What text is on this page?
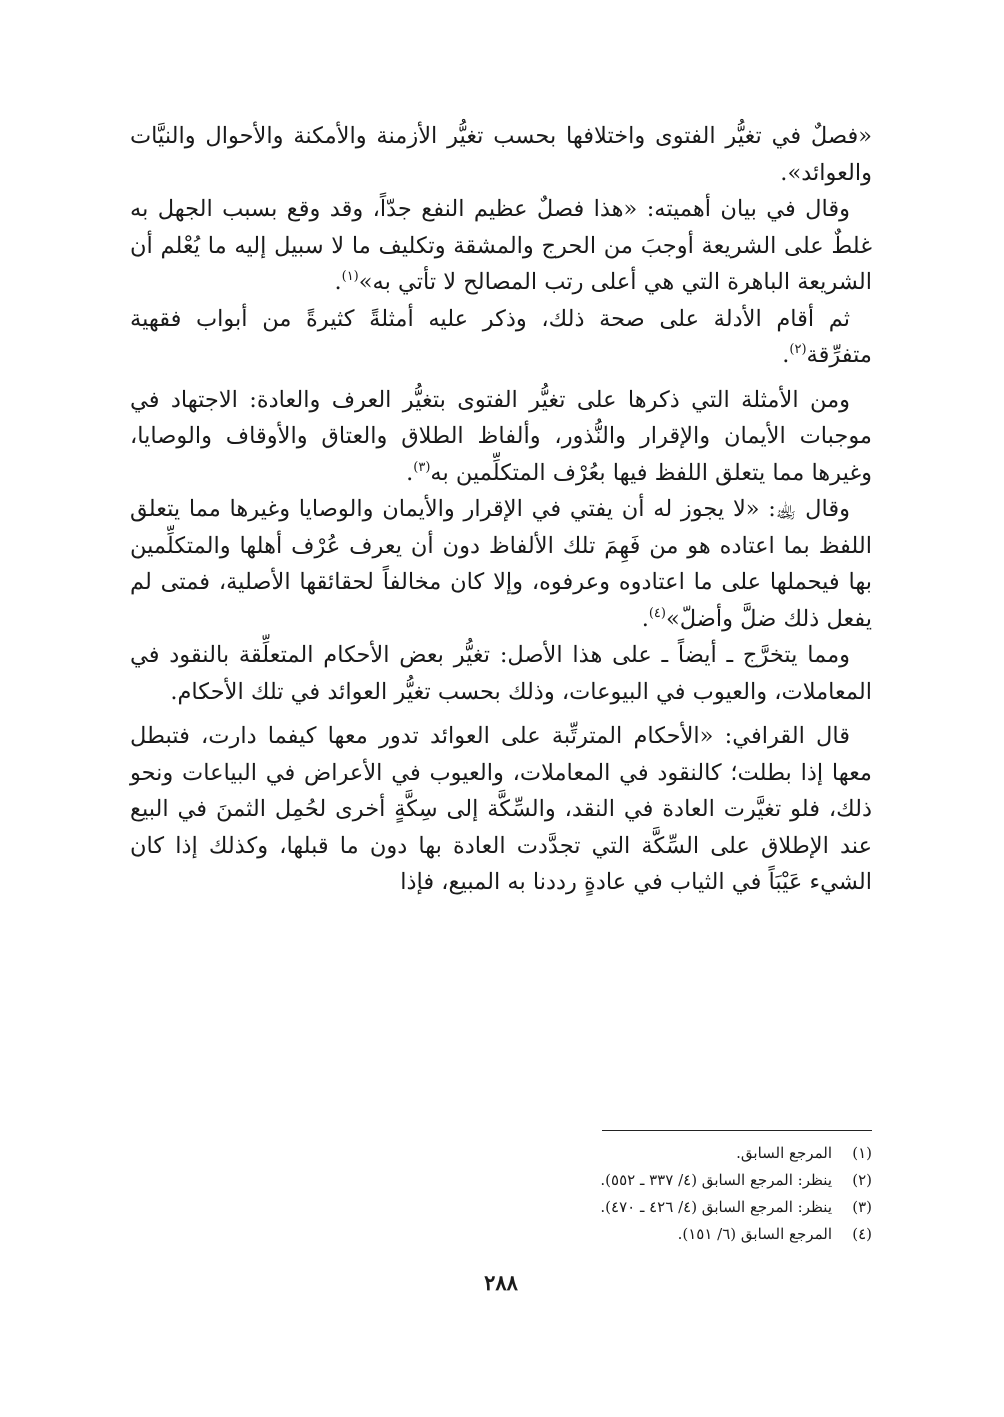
«فصلٌ في تغيُّر الفتوى واختلافها بحسب تغيُّر الأزمنة والأمكنة والأحوال والنيَّات والعوائد».

وقال في بيان أهميته: «هذا فصلٌ عظيم النفع جدّاً، وقد وقع بسبب الجهل به غلطٌ على الشريعة أوجبَ من الحرج والمشقة وتكليف ما لا سبيل إليه ما يُعْلم أن الشريعة الباهرة التي هي أعلى رتب المصالح لا تأتي به»$^{(١)}$.

ثم أقام الأدلة على صحة ذلك، وذكر عليه أمثلةً كثيرةً من أبواب فقهية متفرِّقة$^{(٢)}$.

ومن الأمثلة التي ذكرها على تغيُّر الفتوى بتغيُّر العرف والعادة: الاجتهاد في موجبات الأيمان والإقرار والنُّذور، وألفاظ الطلاق والعتاق والأوقاف والوصايا، وغيرها مما يتعلق اللفظ فيها بعُرْف المتكلِّمين به$^{(٣)}$.

وقال ﵀: «لا يجوز له أن يفتي في الإقرار والأيمان والوصايا وغيرها مما يتعلق اللفظ بما اعتاده هو من فَهِمَ تلك الألفاظ دون أن يعرف عُرْف أهلها والمتكلِّمين بها فيحملها على ما اعتادوه وعرفوه، وإلا كان مخالفاً لحقائقها الأصلية، فمتى لم يفعل ذلك ضلَّ وأضلّ»$^{(٤)}$.

ومما يتخرَّج ـ أيضاً ـ على هذا الأصل: تغيُّر بعض الأحكام المتعلِّقة بالنقود في المعاملات، والعيوب في البيوعات، وذلك بحسب تغيُّر العوائد في تلك الأحكام.

قال القرافي: «الأحكام المترتِّبة على العوائد تدور معها كيفما دارت، فتبطل معها إذا بطلت؛ كالنقود في المعاملات، والعيوب في الأعراض في البياعات ونحو ذلك، فلو تغيَّرت العادة في النقد، والسِّكَّة إلى سِكَّةٍ أخرى لحُمِل الثمنَ في البيع عند الإطلاق على السِّكَّة التي تجدَّدت العادة بها دون ما قبلها، وكذلك إذا كان الشيء عَيْبَاً في الثياب في عادةٍ رددنا به المبيع، فإذا

(١)المرجع السابق.
(٢)ينظر: المرجع السابق (٤/ ٣٣٧ ـ ٥٥٢).
(٣)ينظر: المرجع السابق (٤/ ٤٢٦ ـ ٤٧٠).
(٤)المرجع السابق (٦/ ١٥١).
٢٨٨
